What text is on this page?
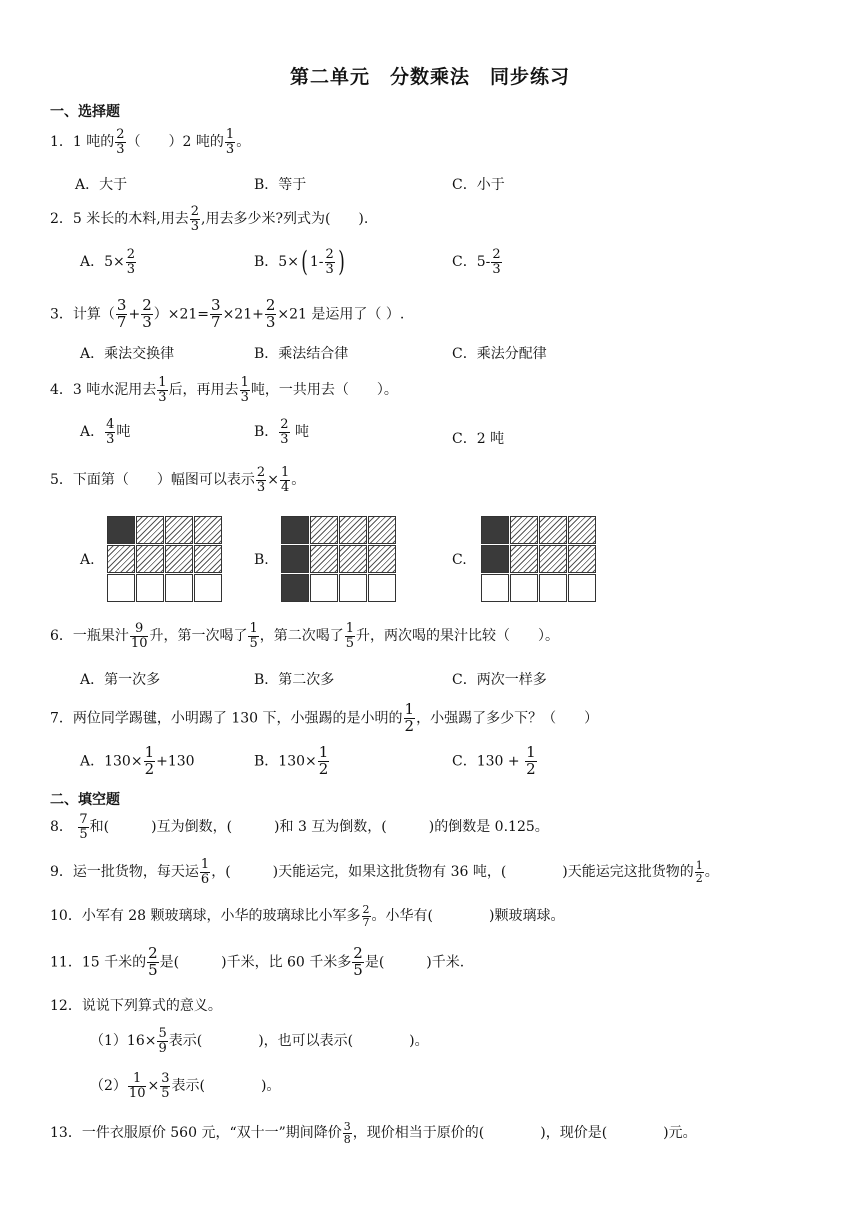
第二单元　分数乘法　同步练习
一、选择题
1．1 吨的 $\frac{2}{3}$ （　　）2 吨的 $\frac{1}{3}$ 。
A．大于	B．等于	C．小于
2．5 米长的木料,用去 $\frac{2}{3}$ ,用去多少米?列式为(　　).
A．$5\times \frac{2}{3}$	B．5×( $1- \frac{2}{3}$ )	C．$5- \frac{2}{3}$
3．计算（ $\frac{3}{7} + \frac{2}{3} )\times 21= \frac{3}{7} \times 21+ \frac{2}{3} \times 21$ 是运用了（ ）.
A．乘法交换律	B．乘法结合律	C．乘法分配律
4．3 吨水泥用去 $\frac{1}{3}$ 后，再用去 $\frac{1}{3}$ 吨，一共用去（　　）。
A． $\frac{4}{3}$ 吨	B． $\frac{2}{3}$ 吨	C．2 吨
5．下面第（　　）幅图可以表示 $\frac{2}{3} \times \frac{1}{4}$ 。
A.	B.	C.
6．一瓶果汁 $\frac{9}{10}$ 升，第一次喝了 $\frac{1}{5}$ ，第二次喝了 $\frac{1}{5}$ 升，两次喝的果汁比较（　　）。
A．第一次多	B．第二次多	C．两次一样多
7．两位同学踢毽，小明踢了 130 下，小强踢的是小明的 $\frac{1}{2}$ ，小强踢了多少下？（　　）
A．$130\times \frac{1}{2} +130$	B．$130\times \frac{1}{2}$	C．$130 + \frac{1}{2}$
二、填空题
8． $\frac{7}{5}$ 和(　　　)互为倒数，(　　　)和 3 互为倒数，(　　　)的倒数是 0.125。
9．运一批货物，每天运 $\frac{1}{6}$ ，(　　　)天能运完，如果这批货物有 36 吨，(　　　　)天能运完这批货物的 $\frac{1}{2}$ 。
10．小军有 28 颗玻璃球，小华的玻璃球比小军多 $\frac{2}{7}$ 。小华有(　　　　)颗玻璃球。
11．15 千米的 $\frac{2}{5}$ 是(　　　)千米，比 60 千米多 $\frac{2}{5}$ 是(　　　)千米.
12．说说下列算式的意义。
$(1)16\times \frac{5}{9}$ 表示(　　　　)，也可以表示(　　　　)。
$(2) \frac{1}{10} \times \frac{3}{5}$ 表示(　　　　)。
13．一件衣服原价 560 元，“双十一”期间降价 $\frac{3}{8}$ ，现价相当于原价的(　　　　)，现价是(　　　　)元。
